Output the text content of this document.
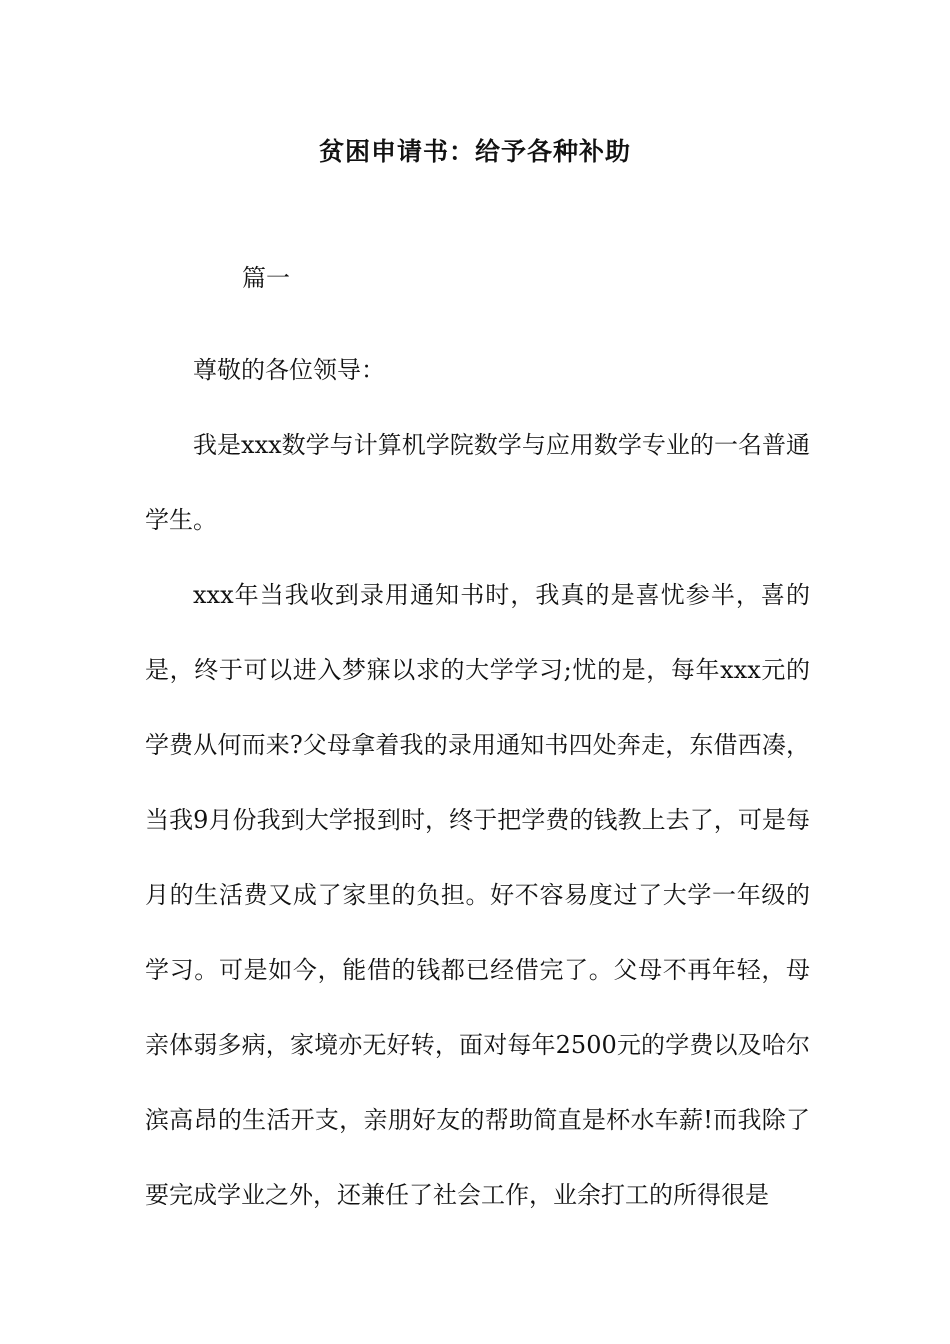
贫困申请书：给予各种补助
篇一

尊敬的各位领导：

我是xxx数学与计算机学院数学与应用数学专业的一名普通学生。

xxx年当我收到录用通知书时，我真的是喜忧参半，喜的是，终于可以进入梦寐以求的大学学习;忧的是，每年xxx元的学费从何而来?父母拿着我的录用通知书四处奔走，东借西凑，当我9月份我到大学报到时，终于把学费的钱教上去了，可是每月的生活费又成了家里的负担。好不容易度过了大学一年级的学习。可是如今，能借的钱都已经借完了。父母不再年轻，母亲体弱多病，家境亦无好转，面对每年2500元的学费以及哈尔滨高昂的生活开支，亲朋好友的帮助简直是杯水车薪!而我除了要完成学业之外，还兼任了社会工作，业余打工的所得很是
